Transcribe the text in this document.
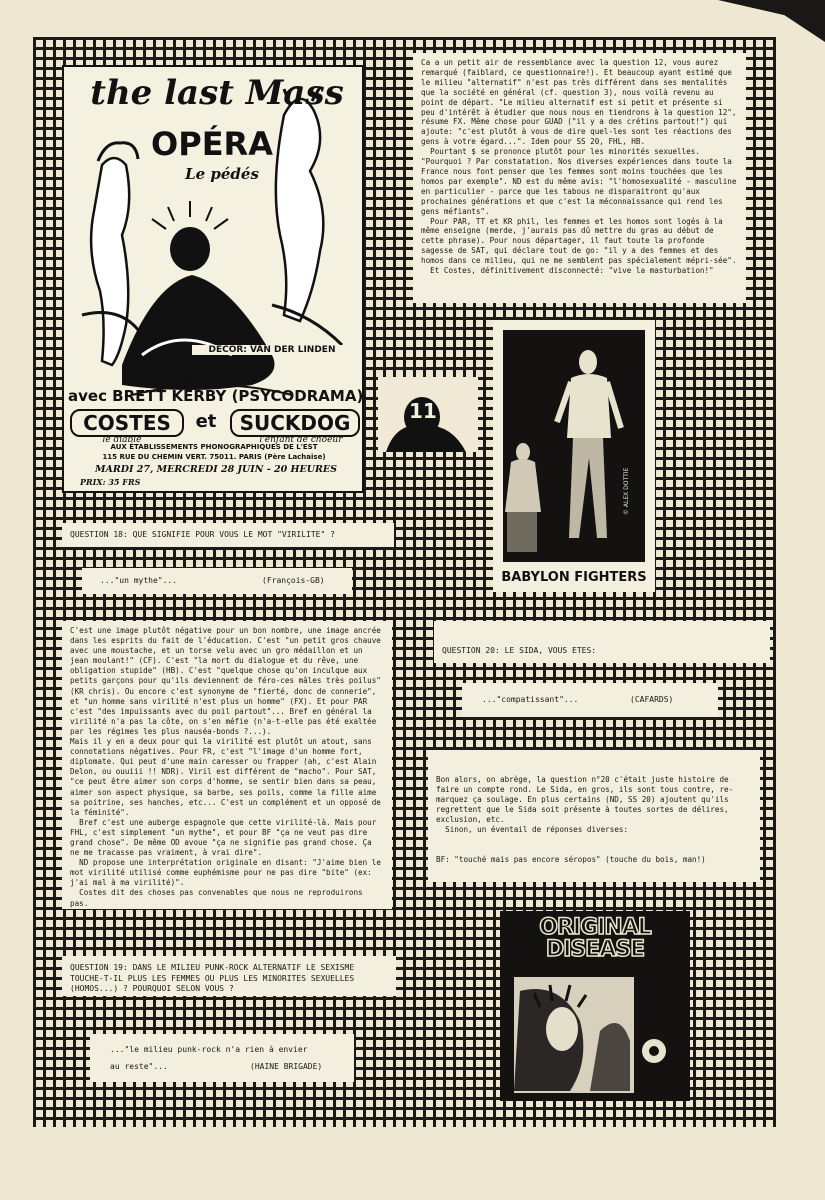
the last Mass
OPÉRA
Le pédés
DÉCOR: VAN DER LINDEN
le prêtre mourant
avec BRETT KERBY (PSYCODRAMA)
COSTES	et	SUCKDOG
le diable	l'enfant de choeur
AUX ÉTABLISSEMENTS PHONOGRAPHIQUES DE L'EST
115 RUE DU CHEMIN VERT. 75011. PARIS (Père Lachaise)
MARDI 27, MERCREDI 28 JUIN - 20 HEURES
PRIX: 35 FRS
Ca a un petit air de ressemblance avec la question 12, vous aurez remarqué (faiblard, ce questionnaire!). Et beaucoup ayant estimé que le milieu "alternatif" n'est pas très différent dans ses mentalités que la société en général (cf. question 3), nous voilà revenu au point de départ. "Le milieu alternatif est si petit et présente si peu d'intérêt à étudier que nous nous en tiendrons à la question 12", résume FX. Même chose pour GUAD ("il y a des crétins partout!") qui ajoute: "c'est plutôt à vous de dire quel-les sont les réactions des gens à votre égard...". Idem pour SS 20, FHL, HB.
Pourtant $ se prononce plutôt pour les minorités sexuelles. "Pourquoi ? Par constatation. Nos diverses expériences dans toute la France nous font penser que les femmes sont moins touchées que les homos par exemple". ND est du même avis: "l'homosexualité - masculine en particulier - parce que les tabous ne disparaitront qu'aux prochaines générations et que c'est la méconnaissance qui rend les gens méfiants".
Pour PAR, TT et KR phil, les femmes et les homos sont logés à la même enseigne (merde, j'aurais pas dû mettre du gras au début de cette phrase). Pour nous départager, il faut toute la profonde sagesse de SAT, qui déclare tout de go: "il y a des femmes et des homos dans ce milieu, qui ne me semblent pas spécialement mépri-sée".
Et Costes, définitivement disconnecté: "vive la masturbation!"
11
BABYLON FIGHTERS
© ALEX DOTTIE
QUESTION 18: QUE SIGNIFIE POUR VOUS LE MOT "VIRILITE" ?

..."un mythe"...

	(François-GB)

C'est une image plutôt négative pour un bon nombre, une image ancrée dans les esprits du fait de l'éducation. C'est "un petit gros chauve avec une moustache, et un torse velu avec un gro médaillon et un jean moulant!" (CF). C'est "la mort du dialogue et du rêve, une obligation stupide" (HB). C'est "quelque chose qu'on inculque aux petits garçons pour qu'ils deviennent de féro-ces mâles très poilus" (KR chris). Ou encore c'est synonyme de "fierté, donc de connerie", et "un homme sans virilité n'est plus un homme" (FX). Et pour PAR c'est "des impuissants avec du poil partout"... Bref en général la virilité n'a pas la côte, on s'en méfie (n'a-t-elle pas été exaltée par les régimes les plus nauséa-bonds ?...).
Mais il y en a deux pour qui la virilité est plutôt un atout, sans connotations négatives. Pour FR, c'est "l'image d'un homme fort, diplomate. Qui peut d'une main caresser ou frapper (ah, c'est Alain Delon, ou ouuiii !! NDR). Viril est différent de "macho". Pour SAT, "ce peut être aimer son corps d'homme, se sentir bien dans sa peau, aimer son aspect physique, sa barbe, ses poils, comme la fille aime sa poitrine, ses hanches, etc... C'est un complément et un opposé de la féminité".
Bref c'est une auberge espagnole que cette virilité-là. Mais pour FHL, c'est simplement "un mythe", et pour BF "ça ne veut pas dire grand chose". De même OD avoue "ça ne signifie pas grand chose. Ça ne me tracasse pas vraiment, à vrai dire".
ND propose une interprétation originale en disant: "J'aime bien le mot virilité utilisé comme euphémisme pour ne pas dire "bite" (ex: j'ai mal à ma virilité)".
Costes dit des choses pas convenables que nous ne reproduirons pas.

QUESTION 20: LE SIDA, VOUS ETES:

..."compatissant"...

	(CAFARDS)

Bon alors, on abrège, la question n°20 c'était juste histoire de faire un compte rond. Le Sida, en gros, ils sont tous contre, re-marquez ça soulage. En plus certains (ND, SS 20) ajoutent qu'ils regrettent que le Sida soit présente à toutes sortes de délires, exclusion, etc.
Sinon, un éventail de réponses diverses:

BF: "touché mais pas encore séropos" (touche du bois, man!)

ORIGINAL
DISEASE
QUESTION 19: DANS LE MILIEU PUNK-ROCK ALTERNATIF LE SEXISME TOUCHE-T-IL PLUS LES FEMMES OU PLUS LES MINORITES SEXUELLES (HOMOS...) ? POURQUOI SELON VOUS ?

..."le milieu punk-rock n'a rien à envier

au reste"...

	(HAINE BRIGADE)
